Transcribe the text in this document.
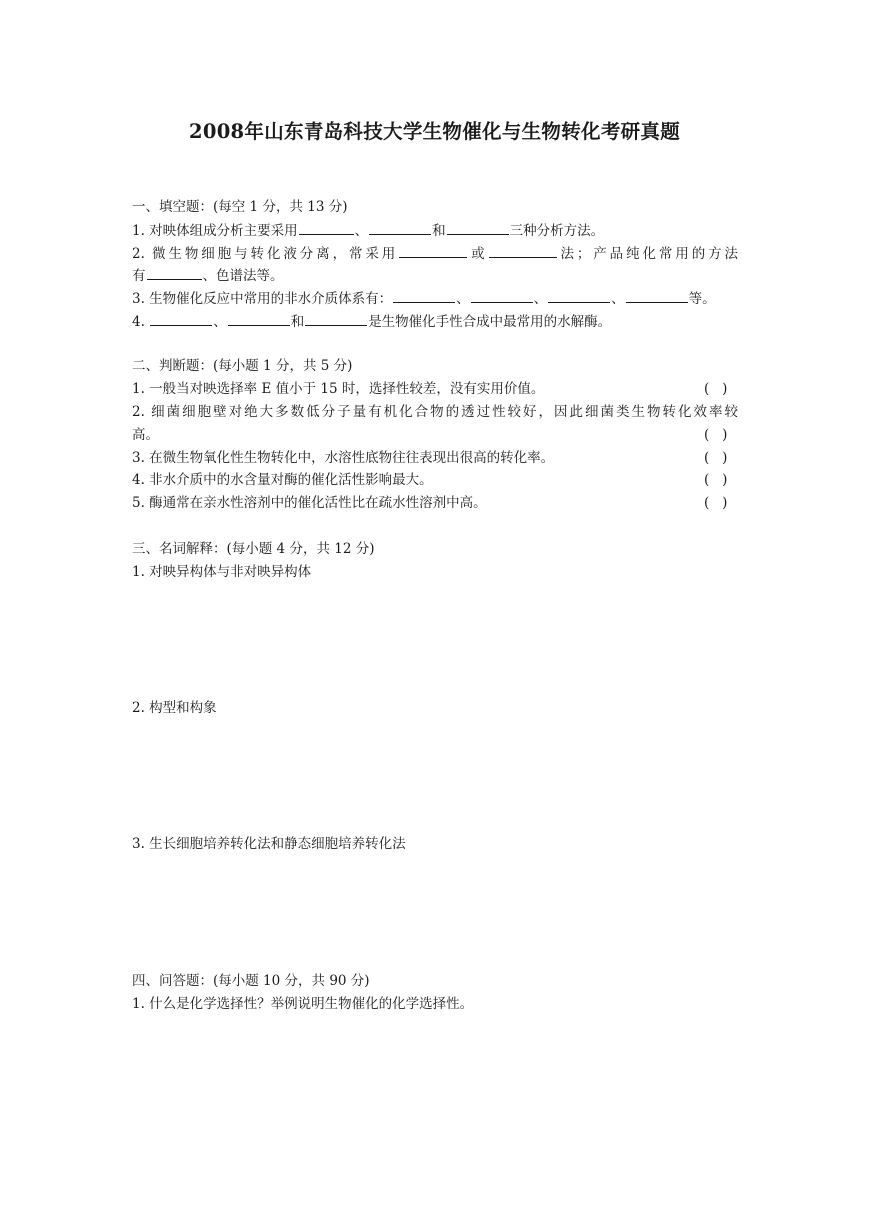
2008年山东青岛科技大学生物催化与生物转化考研真题
一、填空题：(每空 1 分，共 13 分)
1. 对映体组成分析主要采用	、	和	三种分析方法。
2. 微生物细胞与转化液分离，常采用	或	法；产品纯化常用的方法
有	、色谱法等。
3. 生物催化反应中常用的非水介质体系有：	、	、	、	等。
4.	、	和	是生物催化手性合成中最常用的水解酶。
二、判断题：(每小题 1 分，共 5 分)
1. 一般当对映选择率 E 值小于 15 时，选择性较差，没有实用价值。	(   )
2. 细菌细胞壁对绝大多数低分子量有机化合物的透过性较好，因此细菌类生物转化效率较
高。	(   )
3. 在微生物氧化性生物转化中，水溶性底物往往表现出很高的转化率。	(   )
4. 非水介质中的水含量对酶的催化活性影响最大。	(   )
5. 酶通常在亲水性溶剂中的催化活性比在疏水性溶剂中高。	(   )
三、名词解释：(每小题 4 分，共 12 分)
1. 对映异构体与非对映异构体
2. 构型和构象
3. 生长细胞培养转化法和静态细胞培养转化法
四、问答题：(每小题 10 分，共 90 分)
1. 什么是化学选择性？举例说明生物催化的化学选择性。
